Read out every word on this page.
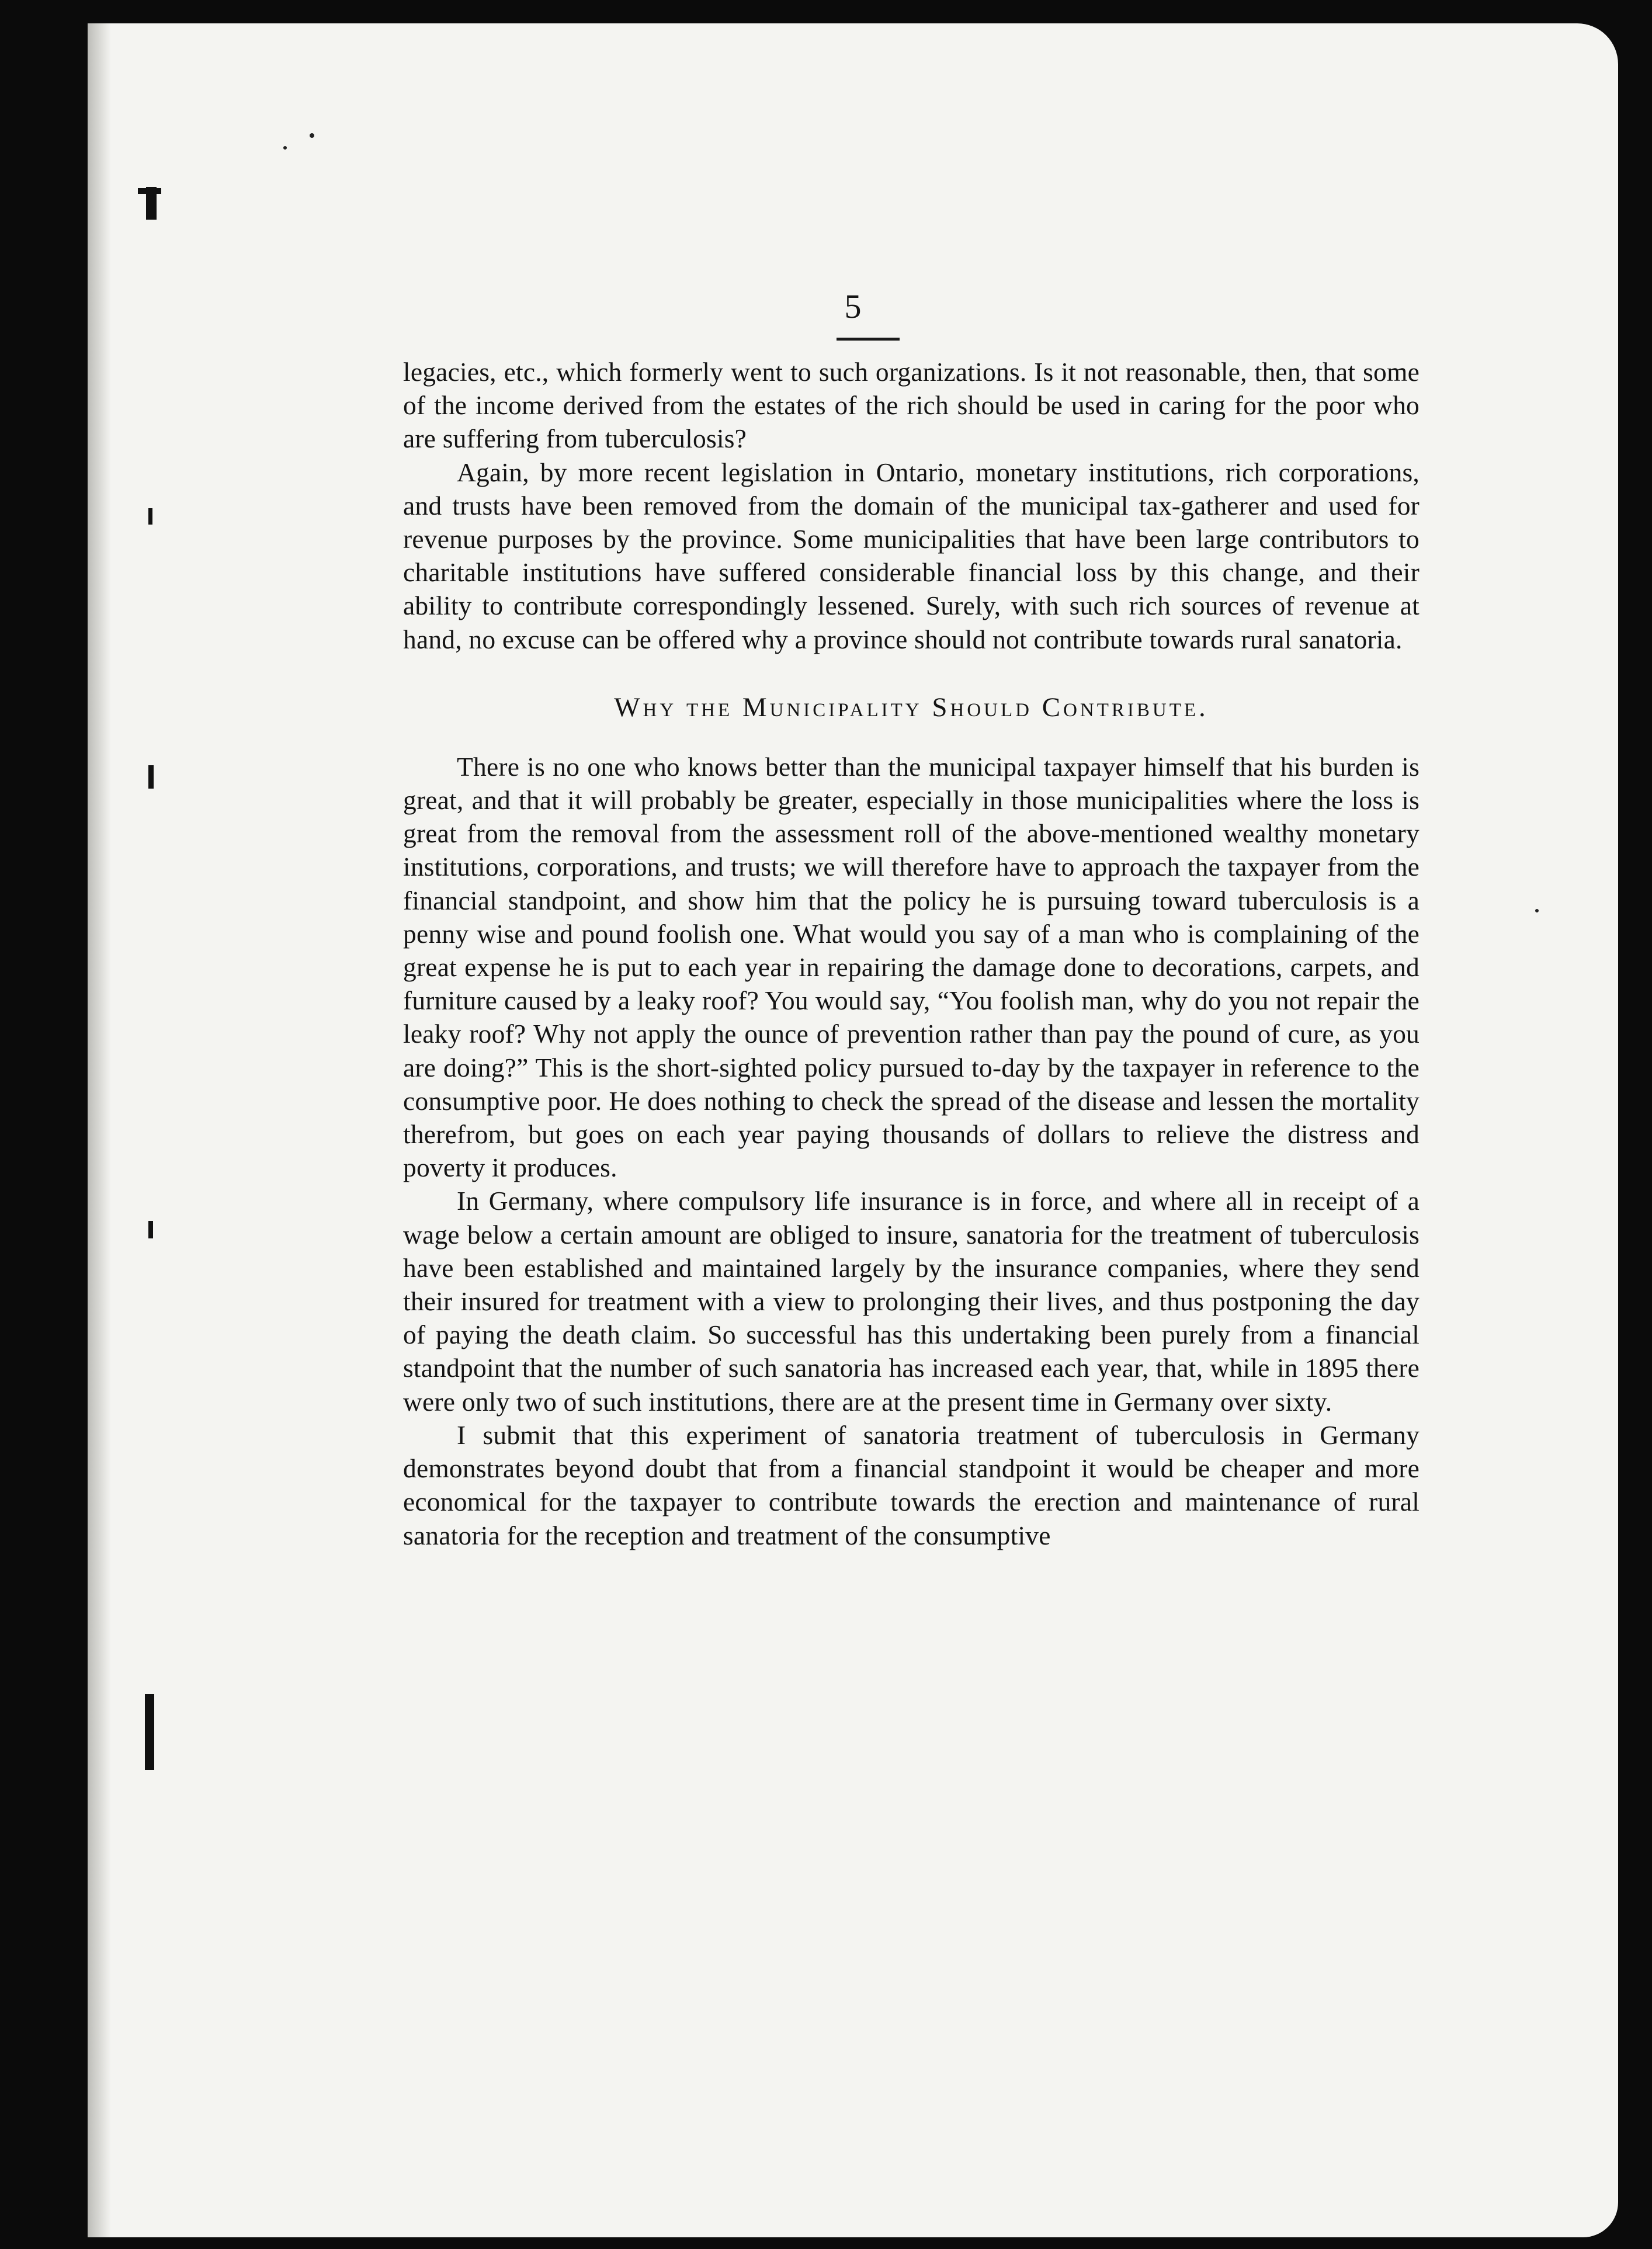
5

legacies, etc., which formerly went to such organizations. Is it not reasonable, then, that some of the income derived from the estates of the rich should be used in caring for the poor who are suffering from tuberculosis?

Again, by more recent legislation in Ontario, monetary institutions, rich corporations, and trusts have been removed from the domain of the municipal tax-gatherer and used for revenue purposes by the province. Some municipalities that have been large contributors to charitable institutions have suffered considerable financial loss by this change, and their ability to contribute correspondingly lessened. Surely, with such rich sources of revenue at hand, no excuse can be offered why a province should not contribute towards rural sanatoria.

Why the Municipality Should Contribute.

There is no one who knows better than the municipal taxpayer himself that his burden is great, and that it will probably be greater, especially in those municipalities where the loss is great from the removal from the assessment roll of the above-mentioned wealthy monetary institutions, corporations, and trusts; we will therefore have to approach the taxpayer from the financial standpoint, and show him that the policy he is pursuing toward tuberculosis is a penny wise and pound foolish one. What would you say of a man who is complaining of the great expense he is put to each year in repairing the damage done to decorations, carpets, and furniture caused by a leaky roof? You would say, “You foolish man, why do you not repair the leaky roof? Why not apply the ounce of prevention rather than pay the pound of cure, as you are doing?” This is the short-sighted policy pursued to-day by the taxpayer in reference to the consumptive poor. He does nothing to check the spread of the disease and lessen the mortality therefrom, but goes on each year paying thousands of dollars to relieve the distress and poverty it produces.

In Germany, where compulsory life insurance is in force, and where all in receipt of a wage below a certain amount are obliged to insure, sanatoria for the treatment of tuberculosis have been established and maintained largely by the insurance companies, where they send their insured for treatment with a view to prolonging their lives, and thus postponing the day of paying the death claim. So successful has this undertaking been purely from a financial standpoint that the number of such sanatoria has increased each year, that, while in 1895 there were only two of such institutions, there are at the present time in Germany over sixty.

I submit that this experiment of sanatoria treatment of tuberculosis in Germany demonstrates beyond doubt that from a financial standpoint it would be cheaper and more economical for the taxpayer to contribute towards the erection and maintenance of rural sanatoria for the reception and treatment of the consumptive
